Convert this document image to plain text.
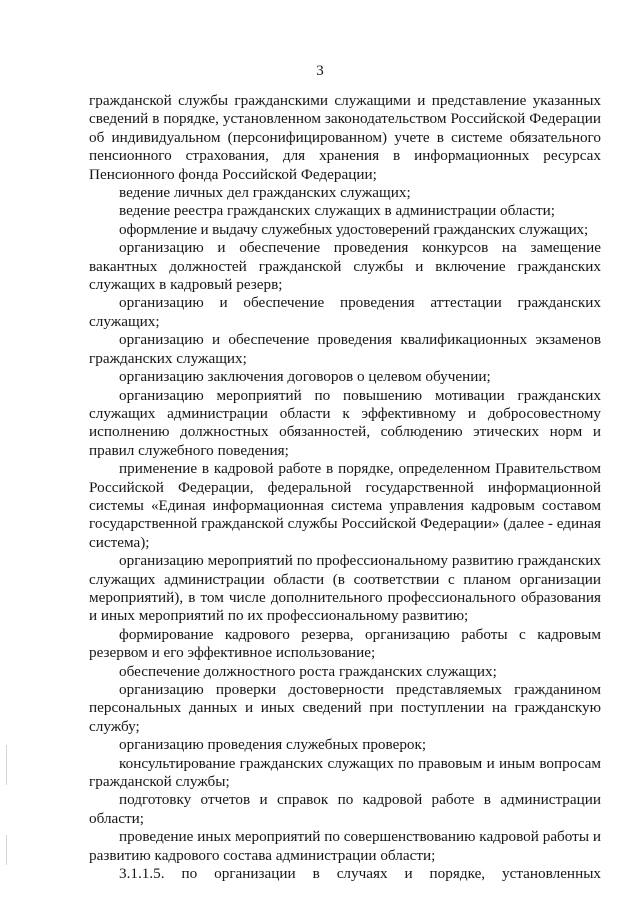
3

гражданской службы гражданскими служащими и представление указанных сведений в порядке, установленном законодательством Российской Федерации об индивидуальном (персонифицированном) учете в системе обязательного пенсионного страхования, для хранения в информационных ресурсах Пенсионного фонда Российской Федерации;

ведение личных дел гражданских служащих;

ведение реестра гражданских служащих в администрации области;

оформление и выдачу служебных удостоверений гражданских служащих;

организацию и обеспечение проведения конкурсов на замещение вакантных должностей гражданской службы и включение гражданских служащих в кадровый резерв;

организацию и обеспечение проведения аттестации гражданских служащих;

организацию и обеспечение проведения квалификационных экзаменов гражданских служащих;

организацию заключения договоров о целевом обучении;

организацию мероприятий по повышению мотивации гражданских служащих администрации области к эффективному и добросовестному исполнению должностных обязанностей, соблюдению этических норм и правил служебного поведения;

применение в кадровой работе в порядке, определенном Правительством Российской Федерации, федеральной государственной информационной системы «Единая информационная система управления кадровым составом государственной гражданской службы Российской Федерации» (далее - единая система);

организацию мероприятий по профессиональному развитию гражданских служащих администрации области (в соответствии с планом организации мероприятий), в том числе дополнительного профессионального образования и иных мероприятий по их профессиональному развитию;

формирование кадрового резерва, организацию работы с кадровым резервом и его эффективное использование;

обеспечение должностного роста гражданских служащих;

организацию проверки достоверности представляемых гражданином персональных данных и иных сведений при поступлении на гражданскую службу;

организацию проведения служебных проверок;

консультирование гражданских служащих по правовым и иным вопросам гражданской службы;

подготовку отчетов и справок по кадровой работе в администрации области;

проведение иных мероприятий по совершенствованию кадровой работы и развитию кадрового состава администрации области;

3.1.1.5. по организации в случаях и порядке, установленных
